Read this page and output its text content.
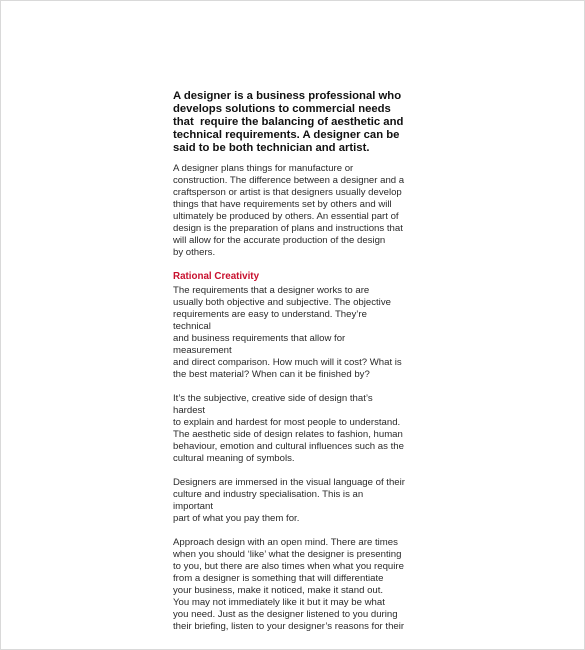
A designer is a business professional who
develops solutions to commercial needs
that  require the balancing of aesthetic and
technical requirements. A designer can be
said to be both technician and artist.

A designer plans things for manufacture or
construction. The difference between a designer and a
craftsperson or artist is that designers usually develop
things that have requirements set by others and will
ultimately be produced by others. An essential part of
design is the preparation of plans and instructions that
will allow for the accurate production of the design
by others.

Rational Creativity

The requirements that a designer works to are
usually both objective and subjective. The objective
requirements are easy to understand. They’re technical
and business requirements that allow for measurement
and direct comparison. How much will it cost? What is
the best material? When can it be finished by?

It’s the subjective, creative side of design that’s hardest
to explain and hardest for most people to understand.
The aesthetic side of design relates to fashion, human
behaviour, emotion and cultural influences such as the
cultural meaning of symbols.

Designers are immersed in the visual language of their
culture and industry specialisation. This is an important
part of what you pay them for.

Approach design with an open mind. There are times
when you should ‘like’ what the designer is presenting
to you, but there are also times when what you require
from a designer is something that will differentiate
your business, make it noticed, make it stand out.
You may not immediately like it but it may be what
you need. Just as the designer listened to you during
their briefing, listen to your designer’s reasons for their
